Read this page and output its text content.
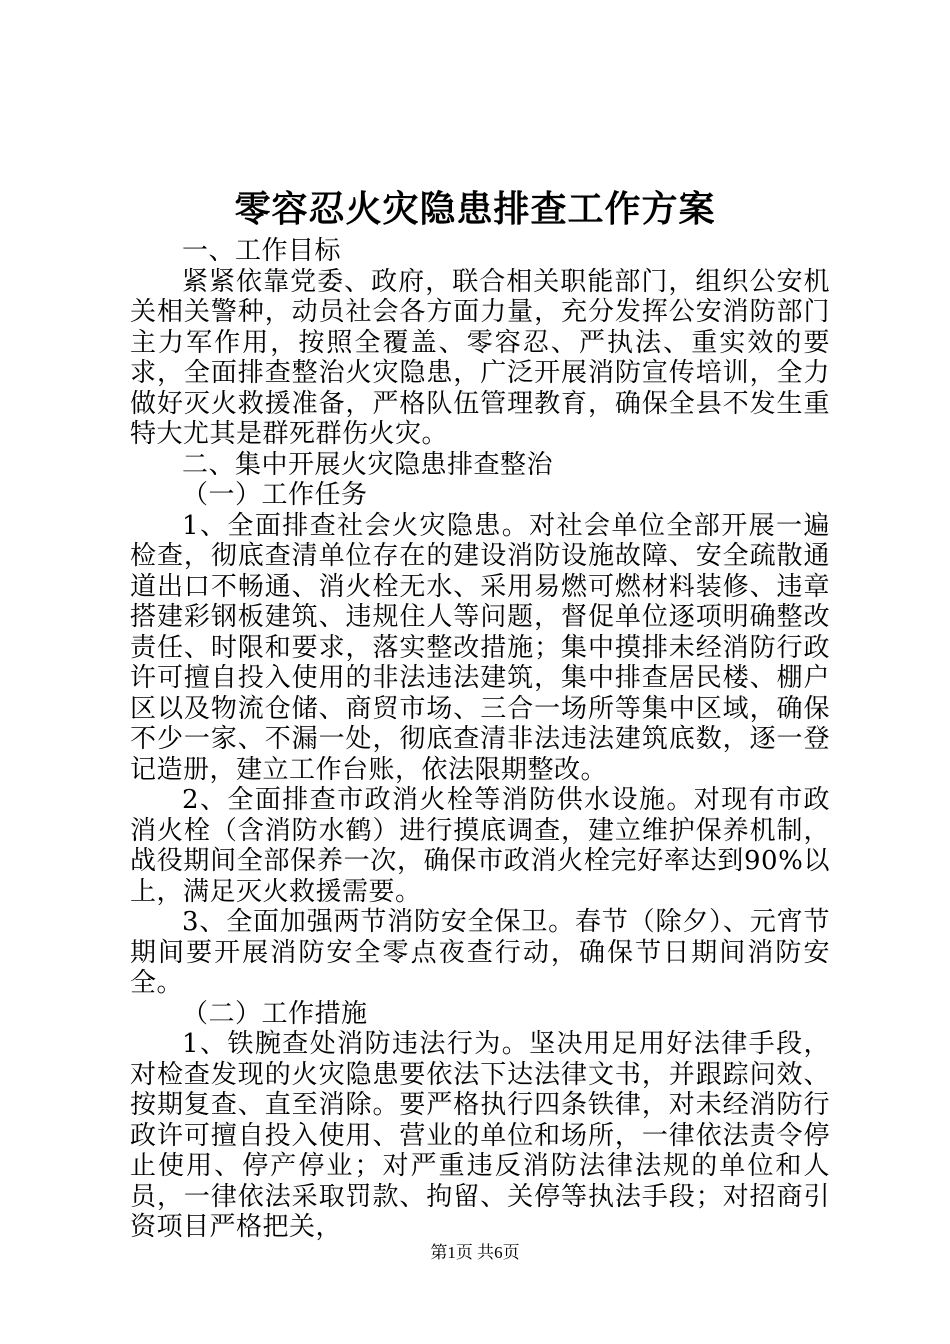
零容忍火灾隐患排查工作方案

一、工作目标

紧紧依靠党委、政府，联合相关职能部门，组织公安机关相关警种，动员社会各方面力量，充分发挥公安消防部门主力军作用，按照全覆盖、零容忍、严执法、重实效的要求，全面排查整治火灾隐患，广泛开展消防宣传培训，全力做好灭火救援准备，严格队伍管理教育，确保全县不发生重特大尤其是群死群伤火灾。

二、集中开展火灾隐患排查整治

（一）工作任务

1、全面排查社会火灾隐患。对社会单位全部开展一遍检查，彻底查清单位存在的建设消防设施故障、安全疏散通道出口不畅通、消火栓无水、采用易燃可燃材料装修、违章搭建彩钢板建筑、违规住人等问题，督促单位逐项明确整改责任、时限和要求，落实整改措施；集中摸排未经消防行政许可擅自投入使用的非法违法建筑，集中排查居民楼、棚户区以及物流仓储、商贸市场、三合一场所等集中区域，确保不少一家、不漏一处，彻底查清非法违法建筑底数，逐一登记造册，建立工作台账，依法限期整改。

2、全面排查市政消火栓等消防供水设施。对现有市政消火栓（含消防水鹤）进行摸底调查，建立维护保养机制，战役期间全部保养一次，确保市政消火栓完好率达到90%以上，满足灭火救援需要。

3、全面加强两节消防安全保卫。春节（除夕）、元宵节期间要开展消防安全零点夜查行动，确保节日期间消防安全。

（二）工作措施

1、铁腕查处消防违法行为。坚决用足用好法律手段，对检查发现的火灾隐患要依法下达法律文书，并跟踪问效、按期复查、直至消除。要严格执行四条铁律，对未经消防行政许可擅自投入使用、营业的单位和场所，一律依法责令停止使用、停产停业；对严重违反消防法律法规的单位和人员，一律依法采取罚款、拘留、关停等执法手段；对招商引资项目严格把关，

第1页 共6页
